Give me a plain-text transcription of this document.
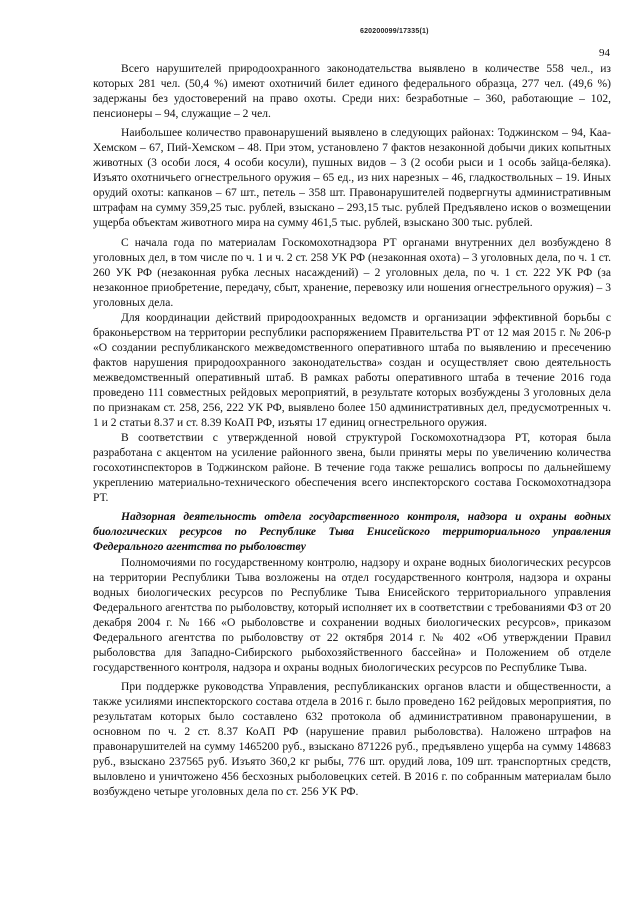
620200099/17335(1)
94

Всего нарушителей природоохранного законодательства выявлено в количестве 558 чел., из которых 281 чел. (50,4 %) имеют охотничий билет единого федерального образца, 277 чел. (49,6 %) задержаны без удостоверений на право охоты. Среди них: безработные – 360, работающие – 102, пенсионеры – 94, служащие – 2 чел.

Наибольшее количество правонарушений выявлено в следующих районах: Тоджинском – 94, Каа-Хемском – 67, Пий-Хемском – 48. При этом, установлено 7 фактов незаконной добычи диких копытных животных (3 особи лося, 4 особи косули), пушных видов – 3 (2 особи рыси и 1 особь зайца-беляка). Изъято охотничьего огнестрельного оружия – 65 ед., из них нарезных – 46, гладкоствольных – 19. Иных орудий охоты: капканов – 67 шт., петель – 358 шт. Правонарушителей подвергнуты административным штрафам на сумму 359,25 тыс. рублей, взыскано – 293,15 тыс. рублей Предъявлено исков о возмещении ущерба объектам животного мира на сумму 461,5 тыс. рублей, взыскано 300 тыс. рублей.

С начала года по материалам Госкомохотнадзора РТ органами внутренних дел возбуждено 8 уголовных дел, в том числе по ч. 1 и ч. 2 ст. 258 УК РФ (незаконная охота) – 3 уголовных дела, по ч. 1 ст. 260 УК РФ (незаконная рубка лесных насаждений) – 2 уголовных дела, по ч. 1 ст. 222 УК РФ (за незаконное приобретение, передачу, сбыт, хранение, перевозку или ношения огнестрельного оружия) – 3 уголовных дела.

Для координации действий природоохранных ведомств и организации эффективной борьбы с браконьерством на территории республики распоряжением Правительства РТ от 12 мая 2015 г. № 206-р «О создании республиканского межведомственного оперативного штаба по выявлению и пресечению фактов нарушения природоохранного законодательства» создан и осуществляет свою деятельность межведомственный оперативный штаб. В рамках работы оперативного штаба в течение 2016 года проведено 111 совместных рейдовых мероприятий, в результате которых возбуждены 3 уголовных дела по признакам ст. 258, 256, 222 УК РФ, выявлено более 150 административных дел, предусмотренных ч. 1 и 2 статьи 8.37 и ст. 8.39 КоАП РФ, изъяты 17 единиц огнестрельного оружия.

В соответствии с утвержденной новой структурой Госкомохотнадзора РТ, которая была разработана с акцентом на усиление районного звена, были приняты меры по увеличению количества госохотинспекторов в Тоджинском районе. В течение года также решались вопросы по дальнейшему укреплению материально-технического обеспечения всего инспекторского состава Госкомохотнадзора РТ.

Надзорная деятельность отдела государственного контроля, надзора и охраны водных биологических ресурсов по Республике Тыва Енисейского территориального управления Федерального агентства по рыболовству

Полномочиями по государственному контролю, надзору и охране водных биологических ресурсов на территории Республики Тыва возложены на отдел государственного контроля, надзора и охраны водных биологических ресурсов по Республике Тыва Енисейского территориального управления Федерального агентства по рыболовству, который исполняет их в соответствии с требованиями ФЗ от 20 декабря 2004 г. № 166 «О рыболовстве и сохранении водных биологических ресурсов», приказом Федерального агентства по рыболовству от 22 октября 2014 г. № 402 «Об утверждении Правил рыболовства для Западно-Сибирского рыбохозяйственного бассейна» и Положением об отделе государственного контроля, надзора и охраны водных биологических ресурсов по Республике Тыва.

При поддержке руководства Управления, республиканских органов власти и общественности, а также усилиями инспекторского состава отдела в 2016 г. было проведено 162 рейдовых мероприятия, по результатам которых было составлено 632 протокола об административном правонарушении, в основном по ч. 2 ст. 8.37 КоАП РФ (нарушение правил рыболовства). Наложено штрафов на правонарушителей на сумму 1465200 руб., взыскано 871226 руб., предъявлено ущерба на сумму 148683 руб., взыскано 237565 руб. Изъято 360,2 кг рыбы, 776 шт. орудий лова, 109 шт. транспортных средств, выловлено и уничтожено 456 бесхозных рыболовецких сетей. В 2016 г. по собранным материалам было возбуждено четыре уголовных дела по ст. 256 УК РФ.
